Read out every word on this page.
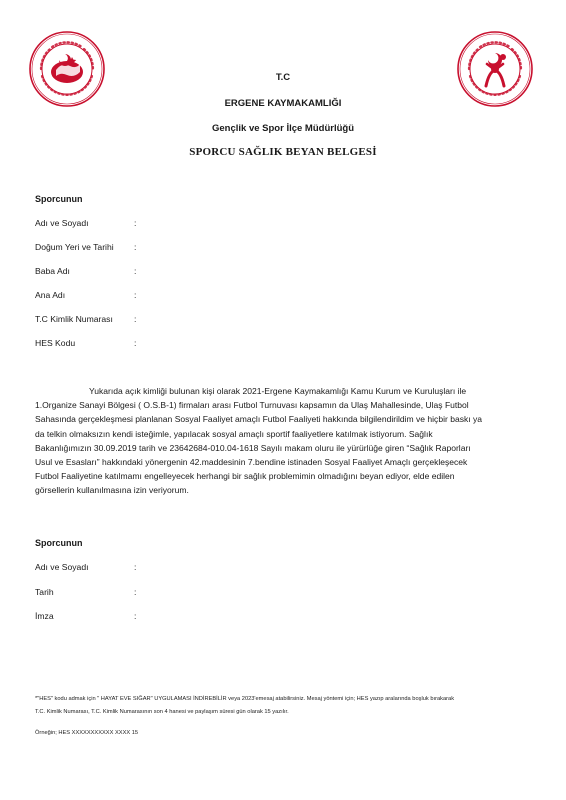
T.C
ERGENE KAYMAKAMLIĞI
Gençlik ve Spor İlçe Müdürlüğü
SPORCU SAĞLIK BEYAN BELGESİ
Sporcunun
Adı ve Soyadı	:
Doğum Yeri ve Tarihi :
Baba Adı	:
Ana Adı	:
T.C Kimlik Numarası :
HES Kodu	:
Yukarıda açık kimliği bulunan kişi olarak 2021-Ergene Kaymakamlığı Kamu Kurum ve Kuruluşları ile
1.Organize Sanayi Bölgesi ( O.S.B-1) firmaları arası Futbol Turnuvası kapsamın da Ulaş Mahallesinde, Ulaş Futbol
Sahasında gerçekleşmesi planlanan Sosyal Faaliyet amaçlı Futbol Faaliyeti hakkında bilgilendirildim ve hiçbir baskı ya
da telkin olmaksızın kendi isteğimle, yapılacak sosyal amaçlı sportif faaliyetlere katılmak istiyorum. Sağlık
Bakanlığımızın 30.09.2019 tarih ve 23642684-010.04-1618 Sayılı makam oluru ile yürürlüğe giren “Sağlık Raporları
Usul ve Esasları” hakkındaki yönergenin 42.maddesinin 7.bendine istinaden Sosyal Faaliyet Amaçlı gerçekleşecek
Futbol Faaliyetine katılmamı engelleyecek herhangi bir sağlık problemimin olmadığını beyan ediyor, elde edilen
görsellerin kullanılmasına izin veriyorum.
Sporcunun
Adı ve Soyadı	:
Tarih	:
İmza	:
*"HES" kodu admak için " HAYAT EVE SIĞAR" UYGULAMASI İNDİREBİLİR veya 2023'emesaj atabilirsiniz. Mesaj yöntemi için; HES yazıp aralarında boşluk bırakarak
T.C. Kimlik Numarası, T.C. Kimlik Numarasının son 4 hanesi ve paylaşım süresi gün olarak 15 yazılır.
Örneğin; HES XXXXXXXXXXX XXXX 15
